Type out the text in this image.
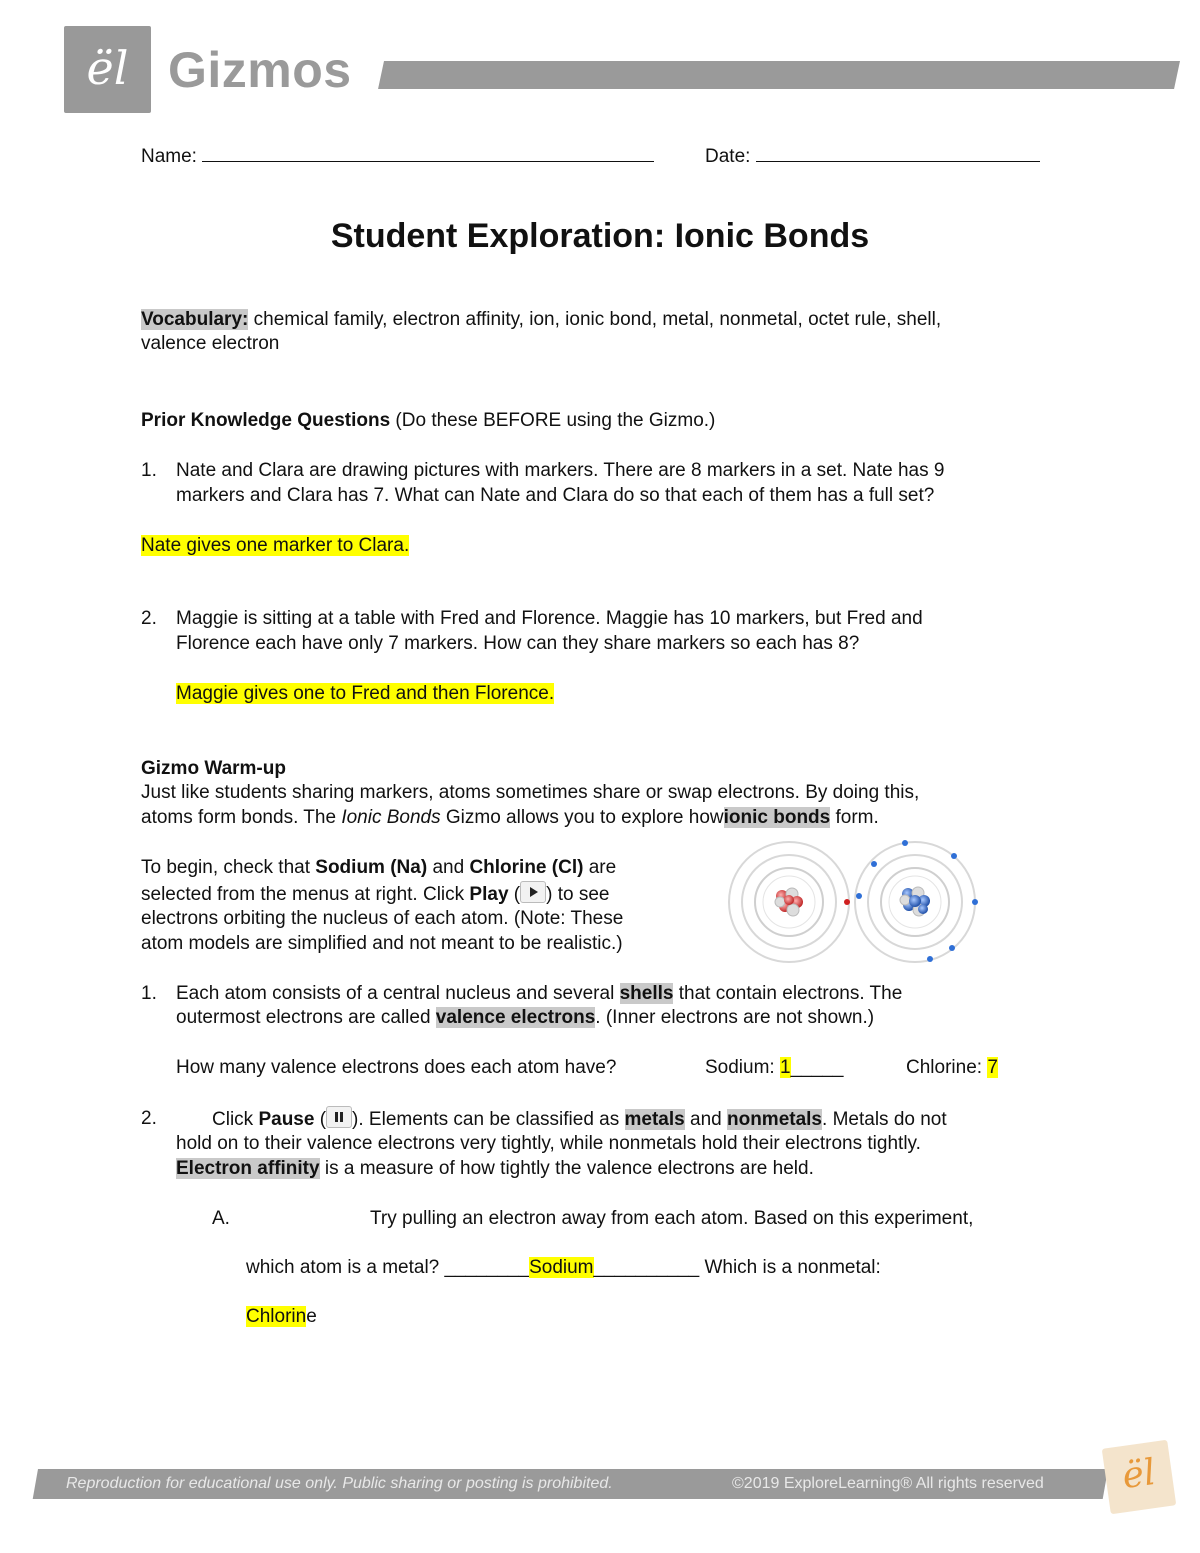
ël Gizmos
Name:	Date:
Student Exploration: Ionic Bonds
Vocabulary: chemical family, electron affinity, ion, ionic bond, metal, nonmetal, octet rule, shell,
valence electron
Prior Knowledge Questions (Do these BEFORE using the Gizmo.)
1. Nate and Clara are drawing pictures with markers. There are 8 markers in a set. Nate has 9
markers and Clara has 7. What can Nate and Clara do so that each of them has a full set?
Nate gives one marker to Clara.
2. Maggie is sitting at a table with Fred and Florence. Maggie has 10 markers, but Fred and
Florence each have only 7 markers. How can they share markers so each has 8?
Maggie gives one to Fred and then Florence.
Gizmo Warm-up
Just like students sharing markers, atoms sometimes share or swap electrons. By doing this,
atoms form bonds. The Ionic Bonds Gizmo allows you to explore howionic bonds form.
To begin, check that Sodium (Na) and Chlorine (Cl) are
selected from the menus at right. Click Play ( ) to see
electrons orbiting the nucleus of each atom. (Note: These
atom models are simplified and not meant to be realistic.)
1. Each atom consists of a central nucleus and several shells that contain electrons. The
outermost electrons are called valence electrons. (Inner electrons are not shown.)
How many valence electrons does each atom have?	Sodium: 1_____	Chlorine: 7
2.	Click Pause ( ). Elements can be classified as metals and nonmetals. Metals do not
hold on to their valence electrons very tightly, while nonmetals hold their electrons tightly.
Electron affinity is a measure of how tightly the valence electrons are held.
A.	Try pulling an electron away from each atom. Based on this experiment,
which atom is a metal? ________Sodium__________ Which is a nonmetal:
Chlorine
Reproduction for educational use only. Public sharing or posting is prohibited.	©2019 ExploreLearning® All rights reserved	ël
